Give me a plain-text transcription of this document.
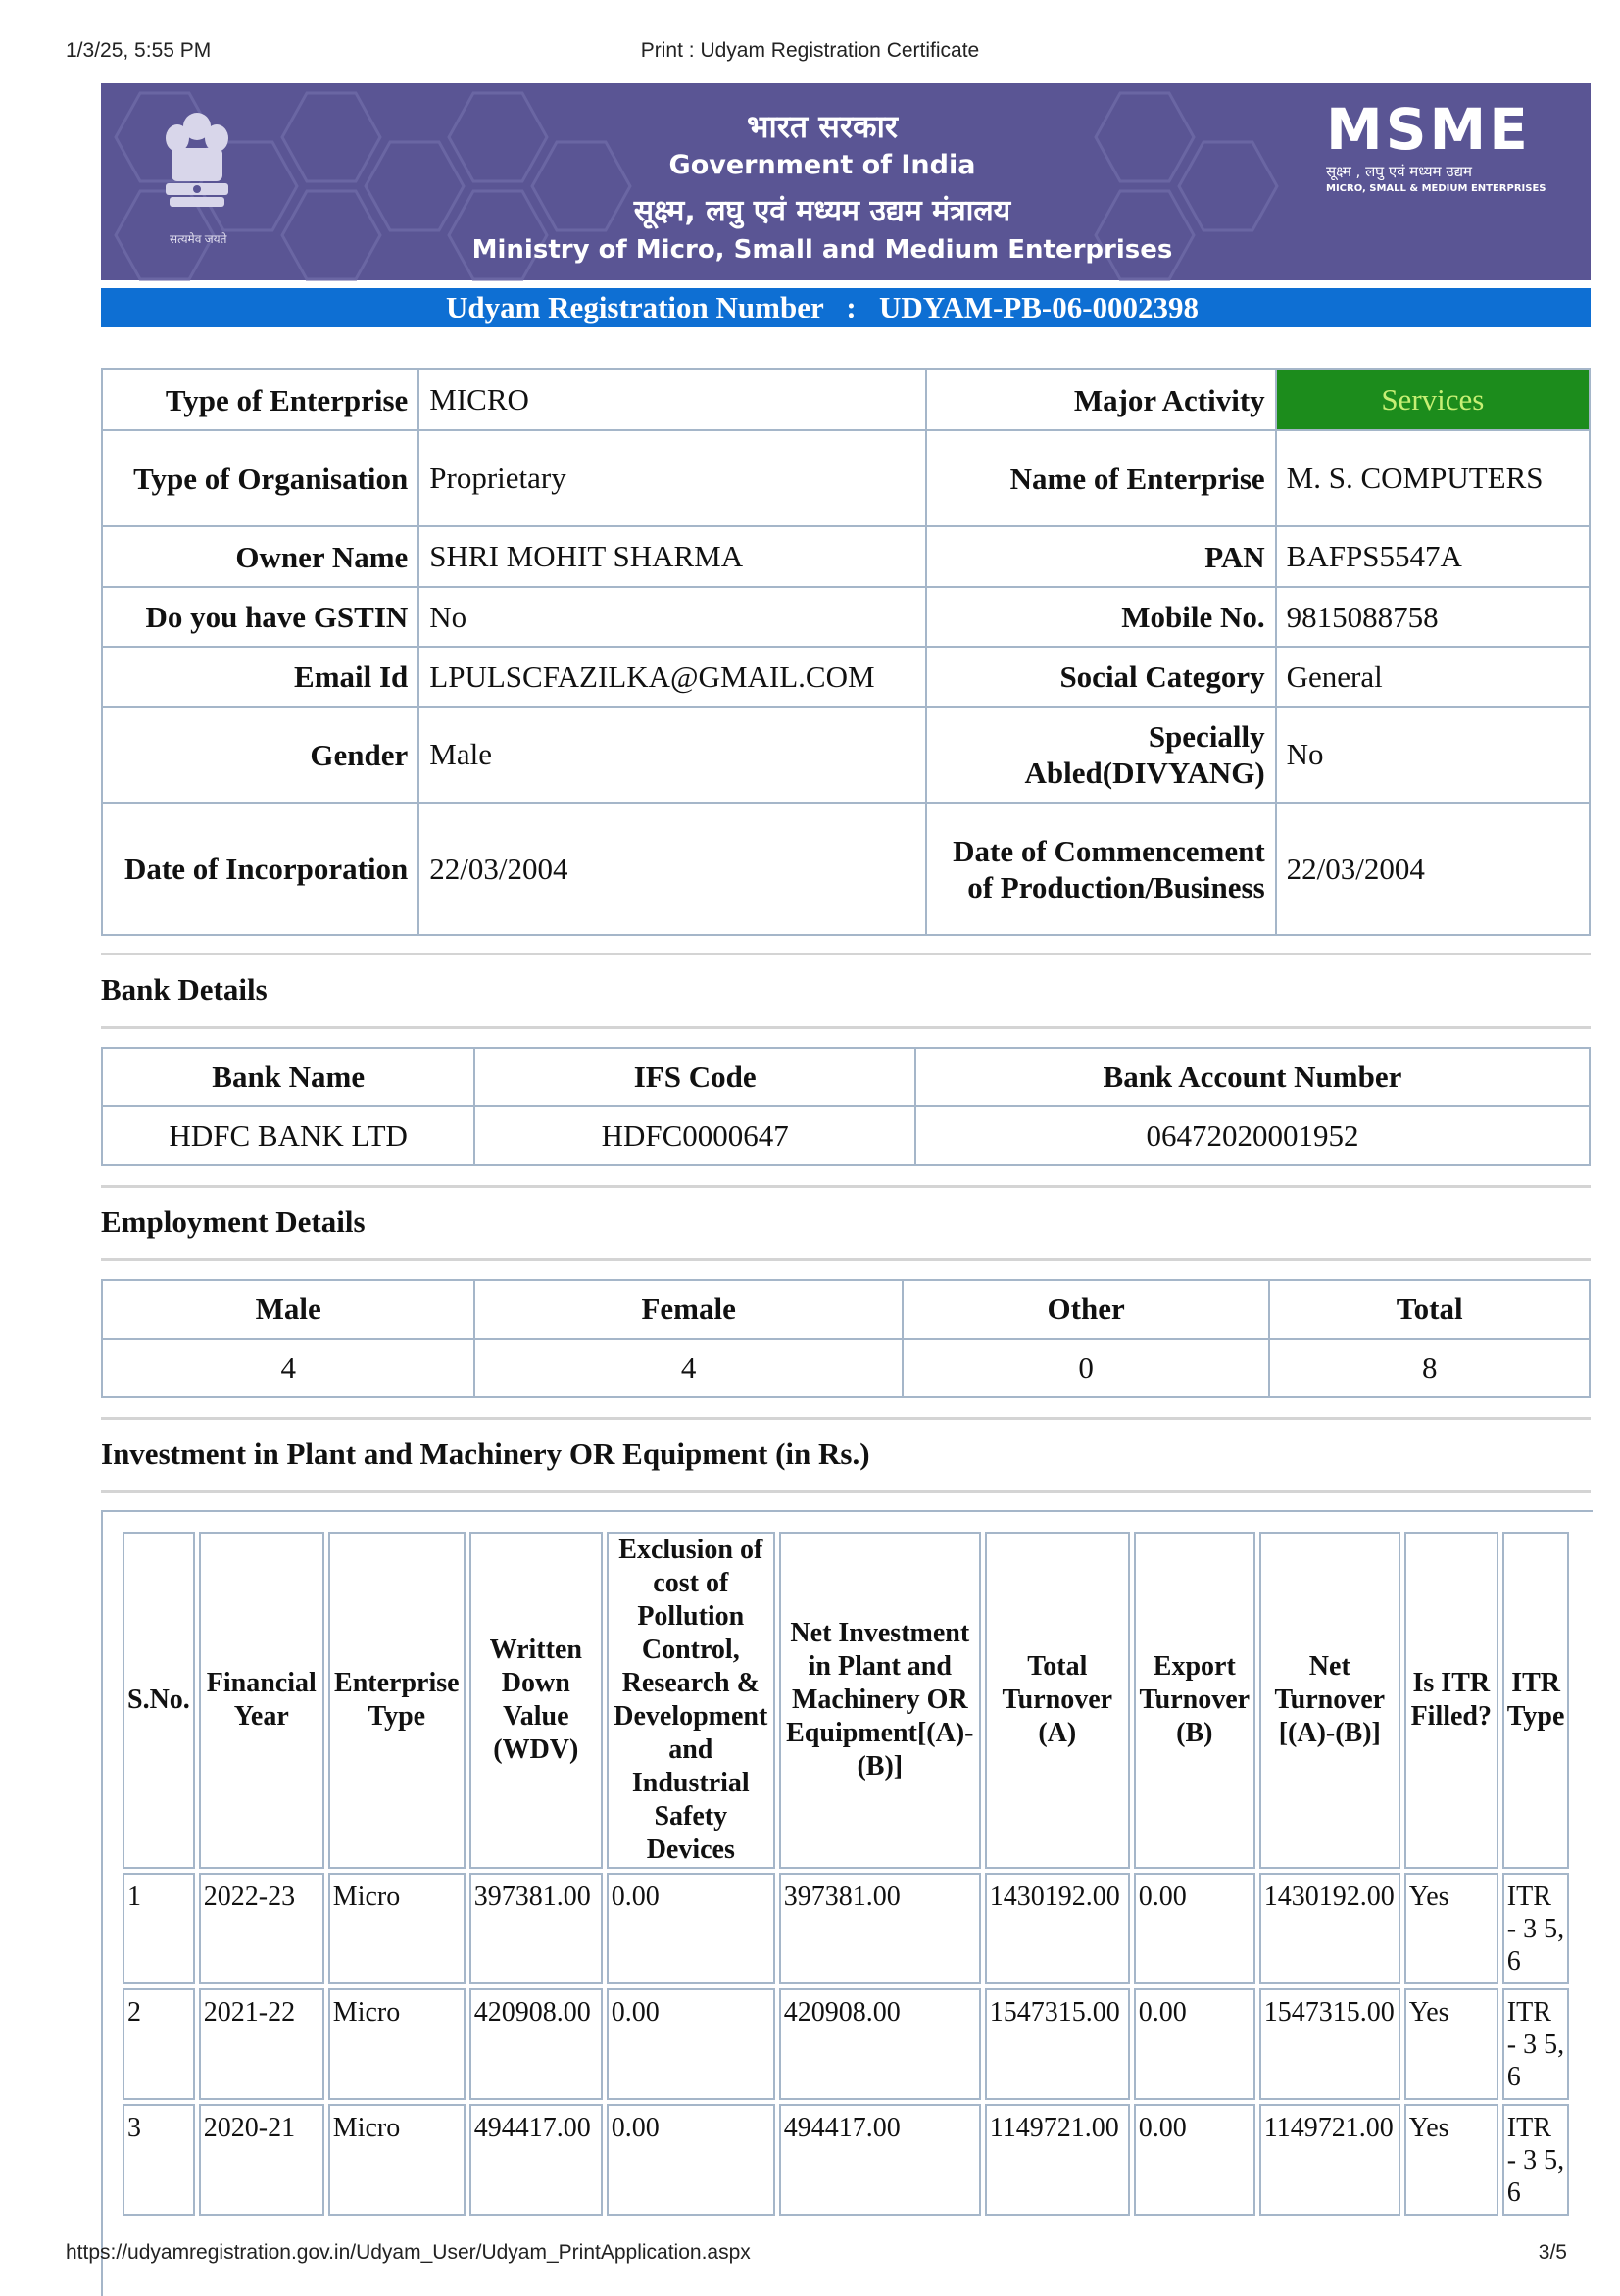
1/3/25, 5:55 PM	Print : Udyam Registration Certificate
सत्यमेव जयते
भारत सरकार
Government of India
सूक्ष्म, लघु एवं मध्यम उद्यम मंत्रालय
Ministry of Micro, Small and Medium Enterprises
MSME
सूक्ष्म , लघु एवं मध्यम उद्यम
MICRO, SMALL & MEDIUM ENTERPRISES
Udyam Registration Number : UDYAM-PB-06-0002398
Type of Enterprise	MICRO	Major Activity	Services
Type of Organisation	Proprietary	Name of Enterprise	M. S. COMPUTERS
Owner Name	SHRI MOHIT SHARMA	PAN	BAFPS5547A
Do you have GSTIN	No	Mobile No.	9815088758
Email Id	LPULSCFAZILKA@GMAIL.COM	Social Category	General
Gender	Male	Specially Abled(DIVYANG)	No
Date of Incorporation	22/03/2004	Date of Commencement of Production/Business	22/03/2004
Bank Details
Bank Name	IFS Code	Bank Account Number
HDFC BANK LTD	HDFC0000647	06472020001952
Employment Details
Male	Female	Other	Total
4	4	0	8
Investment in Plant and Machinery OR Equipment (in Rs.)
S.No.	Financial Year	Enterprise Type	Written Down Value (WDV)	Exclusion of cost of Pollution Control, Research & Development and Industrial Safety Devices	Net Investment in Plant and Machinery OR Equipment[(A)-(B)]	Total Turnover (A)	Export Turnover (B)	Net Turnover [(A)-(B)]	Is ITR Filled?	ITR Type
1	2022-23	Micro	397381.00	0.00	397381.00	1430192.00	0.00	1430192.00	Yes	ITR - 3 5, 6
2	2021-22	Micro	420908.00	0.00	420908.00	1547315.00	0.00	1547315.00	Yes	ITR - 3 5, 6
3	2020-21	Micro	494417.00	0.00	494417.00	1149721.00	0.00	1149721.00	Yes	ITR - 3 5, 6
https://udyamregistration.gov.in/Udyam_User/Udyam_PrintApplication.aspx	3/5
